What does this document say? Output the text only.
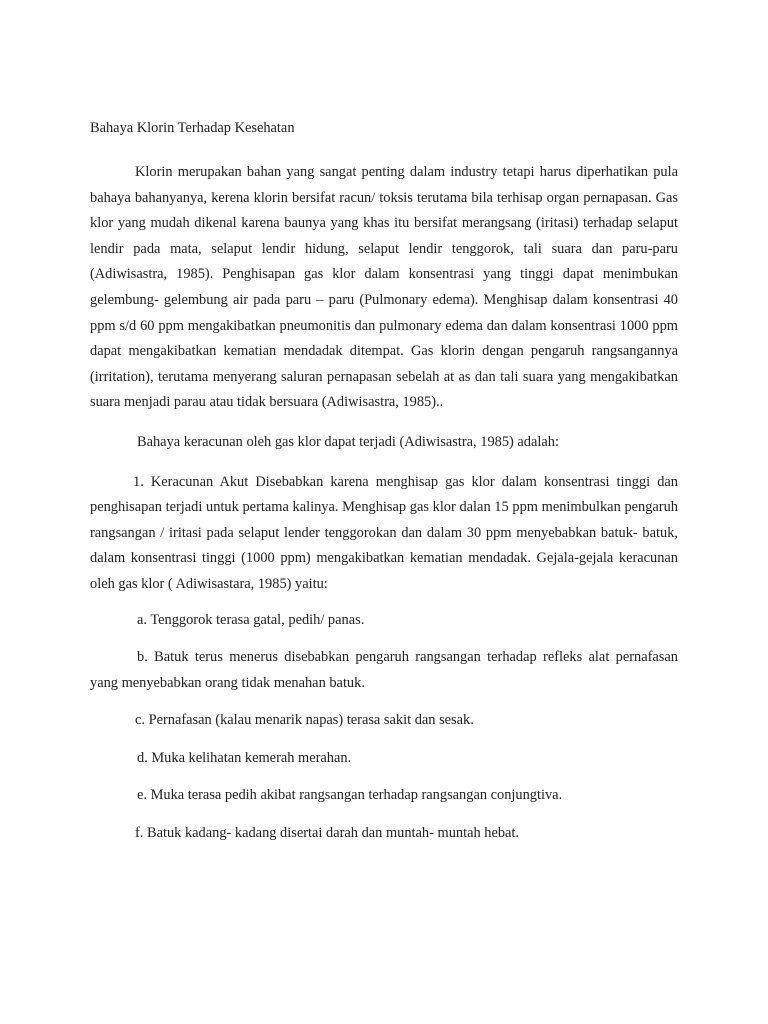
Bahaya Klorin Terhadap Kesehatan

Klorin merupakan bahan yang sangat penting dalam industry tetapi harus diperhatikan pula bahaya bahanyanya, kerena klorin bersifat racun/ toksis terutama bila terhisap organ pernapasan. Gas klor yang mudah dikenal karena baunya yang khas itu bersifat merangsang (iritasi) terhadap selaput lendir pada mata, selaput lendir hidung, selaput lendir tenggorok, tali suara dan paru-paru (Adiwisastra, 1985). Penghisapan gas klor dalam konsentrasi yang tinggi dapat menimbukan gelembung- gelembung air pada paru – paru (Pulmonary edema). Menghisap dalam konsentrasi 40 ppm s/d 60 ppm mengakibatkan pneumonitis dan pulmonary edema dan dalam konsentrasi 1000 ppm dapat mengakibatkan kematian mendadak ditempat. Gas klorin dengan pengaruh rangsangannya (irritation), terutama menyerang saluran pernapasan sebelah at as dan tali suara yang mengakibatkan suara menjadi parau atau tidak bersuara (Adiwisastra, 1985)..

Bahaya keracunan oleh gas klor dapat terjadi (Adiwisastra, 1985) adalah:

1. Keracunan Akut Disebabkan karena menghisap gas klor dalam konsentrasi tinggi dan penghisapan terjadi untuk pertama kalinya. Menghisap gas klor dalan 15 ppm menimbulkan pengaruh rangsangan / iritasi pada selaput lender tenggorokan dan dalam 30 ppm menyebabkan batuk- batuk, dalam konsentrasi tinggi (1000 ppm) mengakibatkan kematian mendadak. Gejala-gejala keracunan oleh gas klor ( Adiwisastara, 1985) yaitu:

a. Tenggorok terasa gatal, pedih/ panas.

b. Batuk terus menerus disebabkan pengaruh rangsangan terhadap refleks alat pernafasan yang menyebabkan orang tidak menahan batuk.

c. Pernafasan (kalau menarik napas) terasa sakit dan sesak.

d. Muka kelihatan kemerah merahan.

e. Muka terasa pedih akibat rangsangan terhadap rangsangan conjungtiva.

f. Batuk kadang- kadang disertai darah dan muntah- muntah hebat.
